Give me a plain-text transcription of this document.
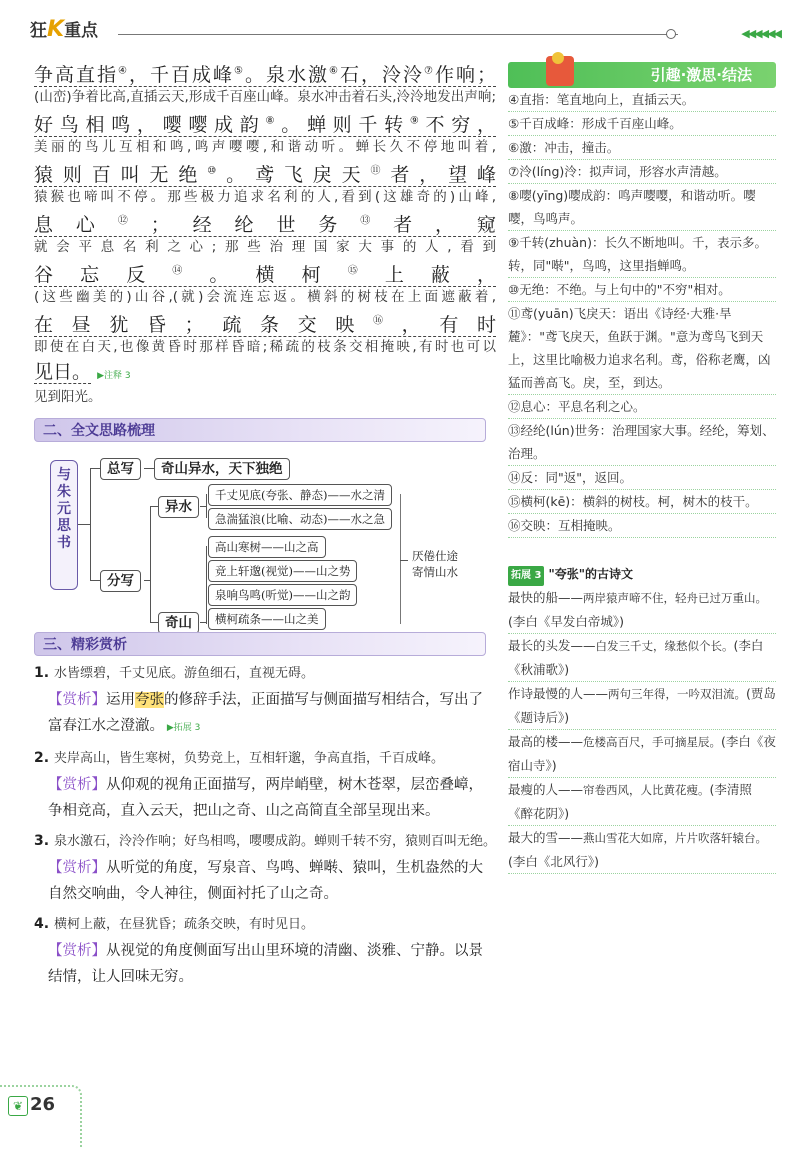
狂K重点	◀◀◀◀◀◀
争高直指④，千百成峰⑤。泉水激⑥石，泠泠⑦作响；
(山峦)争着比高,直插云天,形成千百座山峰。泉水冲击着石头,泠泠地发出声响;
好鸟相鸣，嘤嘤成韵⑧。蝉则千转⑨不穷，
美丽的鸟儿互相和鸣,鸣声嘤嘤,和谐动听。蝉长久不停地叫着,
猿则百叫无绝⑩。鸢飞戾天⑪者，望峰
猿猴也啼叫不停。那些极力追求名利的人,看到(这雄奇的)山峰,
息心⑫；经纶世务⑬者，窥
就会平息名利之心;那些治理国家大事的人,看到
谷忘反⑭。横柯⑮上蔽，
(这些幽美的)山谷,(就)会流连忘返。横斜的树枝在上面遮蔽着,
在昼犹昏；疏条交映⑯，有时
即使在白天,也像黄昏时那样昏暗;稀疏的枝条交相掩映,有时也可以
见日。 ▶注释 3
见到阳光。
二、全文思路梳理
与
朱
元
思
书
总写	奇山异水，天下独绝
分写
异水
千丈见底(夸张、静态)——水之清
急湍猛浪(比喻、动态)——水之急
奇山
高山寒树——山之高
竞上轩邈(视觉)——山之势
泉响鸟鸣(听觉)——山之韵
横柯疏条——山之美
厌倦仕途
寄情山水
三、精彩赏析
1. 水皆缥碧，千丈见底。游鱼细石，直视无碍。
【赏析】运用夸张的修辞手法，正面描写与侧面描写相结合，写出了富春江水之澄澈。 ▶拓展 3
2. 夹岸高山，皆生寒树，负势竞上，互相轩邈，争高直指，千百成峰。
【赏析】从仰观的视角正面描写，两岸峭壁，树木苍翠，层峦叠嶂，争相竞高，直入云天，把山之奇、山之高简直全部呈现出来。
3. 泉水激石，泠泠作响；好鸟相鸣，嘤嘤成韵。蝉则千转不穷，猿则百叫无绝。
【赏析】从听觉的角度，写泉音、鸟鸣、蝉啭、猿叫，生机盎然的大自然交响曲，令人神往，侧面衬托了山之奇。
4. 横柯上蔽，在昼犹昏；疏条交映，有时见日。
【赏析】从视觉的角度侧面写出山里环境的清幽、淡雅、宁静。以景结情，让人回味无穷。
引趣·激思·结法
④直指：笔直地向上，直插云天。
⑤千百成峰：形成千百座山峰。
⑥激：冲击，撞击。
⑦泠(líng)泠：拟声词，形容水声清越。
⑧嘤(yīng)嘤成韵：鸣声嘤嘤，和谐动听。嘤嘤，鸟鸣声。
⑨千转(zhuàn)：长久不断地叫。千，表示多。转，同"啭"，鸟鸣，这里指蝉鸣。
⑩无绝：不绝。与上句中的"不穷"相对。
⑪鸢(yuān)飞戾天：语出《诗经·大雅·旱麓》："鸢飞戾天，鱼跃于渊。"意为鸢鸟飞到天上，这里比喻极力追求名利。鸢，俗称老鹰，凶猛而善高飞。戾，至，到达。
⑫息心：平息名利之心。
⑬经纶(lún)世务：治理国家大事。经纶，筹划、治理。
⑭反：同"返"，返回。
⑮横柯(kē)：横斜的树枝。柯，树木的枝干。
⑯交映：互相掩映。
拓展 3 "夸张"的古诗文
最快的船——两岸猿声啼不住，轻舟已过万重山。(李白《早发白帝城》)
最长的头发——白发三千丈，缘愁似个长。(李白《秋浦歌》)
作诗最慢的人——两句三年得，一吟双泪流。(贾岛《题诗后》)
最高的楼——危楼高百尺，手可摘星辰。(李白《夜宿山寺》)
最瘦的人——帘卷西风，人比黄花瘦。(李清照《醉花阴》)
最大的雪——燕山雪花大如席，片片吹落轩辕台。(李白《北风行》)
❦ 26
